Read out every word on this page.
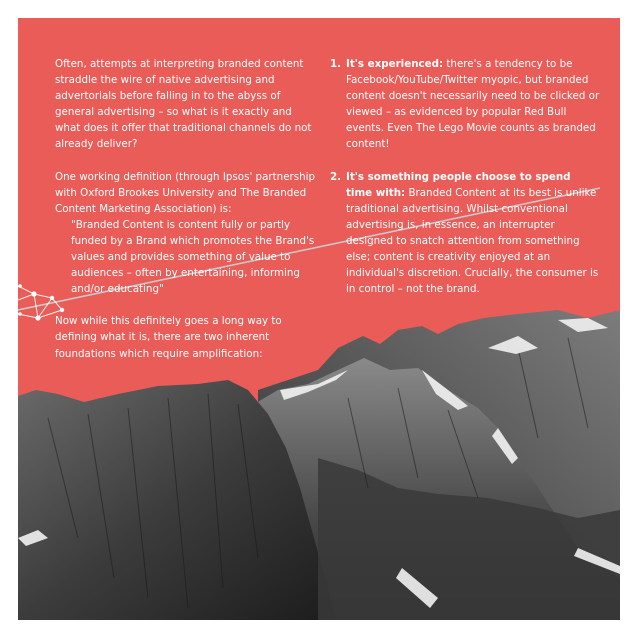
Often, attempts at interpreting branded content straddle the wire of native advertising and advertorials before falling in to the abyss of general advertising – so what is it exactly and what does it offer that traditional channels do not already deliver?

One working definition (through Ipsos' partnership with Oxford Brookes University and The Branded Content Marketing Association) is:

"Branded Content is content fully or partly funded by a Brand which promotes the Brand's values and provides something of value to audiences – often by entertaining, informing and/or educating"

Now while this definitely goes a long way to defining what it is, there are two inherent foundations which require amplification:

1. It's experienced: there's a tendency to be Facebook/YouTube/Twitter myopic, but branded content doesn't necessarily need to be clicked or viewed – as evidenced by popular Red Bull events. Even The Lego Movie counts as branded content!
2. It's something people choose to spend time with: Branded Content at its best is unlike traditional advertising. Whilst conventional advertising is, in essence, an interrupter designed to snatch attention from something else; content is creativity enjoyed at an individual's discretion. Crucially, the consumer is in control – not the brand.
